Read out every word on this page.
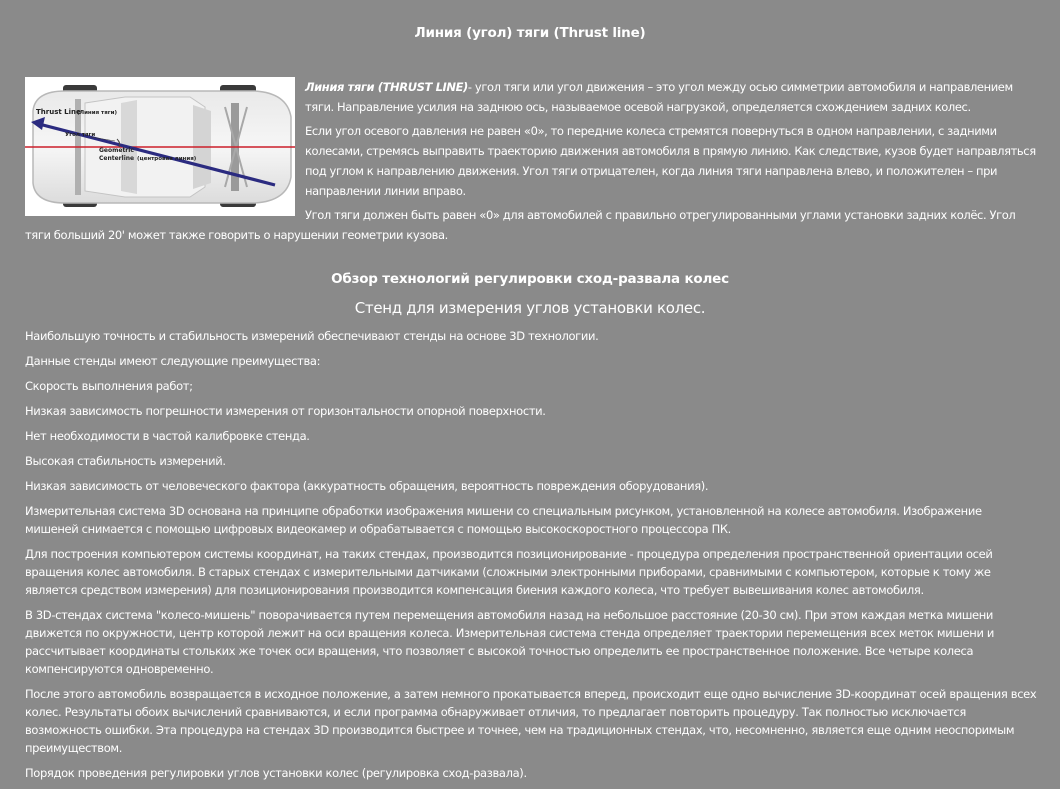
Линия (угол) тяги (Thrust line)
Thrust Line
(Линия тяги)
Угол тяги
Geometric
Centerline (центровая линия)

Линия тяги (THRUST LINE)- угол тяги или угол движения – это угол между осью симметрии автомобиля и направлением тяги. Направление усилия на заднюю ось, называемое осевой нагрузкой, определяется схождением задних колес.

Если угол осевого давления не равен «0», то передние колеса стремятся повернуться в одном направлении, с задними колесами, стремясь выправить траекторию движения автомобиля в прямую линию. Как следствие, кузов будет направляться под углом к направлению движения. Угол тяги отрицателен, когда линия тяги направлена влево, и положителен – при направлении линии вправо.

Угол тяги должен быть равен «0» для автомобилей с правильно отрегулированными углами установки задних колёс. Угол тяги больший 20' может также говорить о нарушении геометрии кузова.

Обзор технологий регулировки сход-развала колес
Стенд для измерения углов установки колес.

Наибольшую точность и стабильность измерений обеспечивают стенды на основе 3D технологии.

Данные стенды имеют следующие преимущества:

Скорость выполнения работ;

Низкая зависимость погрешности измерения от горизонтальности опорной поверхности.

Нет необходимости в частой калибровке стенда.

Высокая стабильность измерений.

Низкая зависимость от человеческого фактора (аккуратность обращения, вероятность повреждения оборудования).

Измерительная система 3D основана на принципе обработки изображения мишени со специальным рисунком, установленной на колесе автомобиля. Изображение мишеней снимается с помощью цифровых видеокамер и обрабатывается с помощью высокоскоростного процессора ПК.

Для построения компьютером системы координат, на таких стендах, производится позиционирование - процедура определения пространственной ориентации осей вращения колес автомобиля. В старых стендах с измерительными датчиками (сложными электронными приборами, сравнимыми с компьютером, которые к тому же является средством измерения) для позиционирования производится компенсация биения каждого колеса, что требует вывешивания колес автомобиля.

В 3D-стендах система "колесо-мишень" поворачивается путем перемещения автомобиля назад на небольшое расстояние (20-30 см). При этом каждая метка мишени движется по окружности, центр которой лежит на оси вращения колеса. Измерительная система стенда определяет траектории перемещения всех меток мишени и рассчитывает координаты стольких же точек оси вращения, что позволяет с высокой точностью определить ее пространственное положение. Все четыре колеса компенсируются одновременно.

После этого автомобиль возвращается в исходное положение, а затем немного прокатывается вперед, происходит еще одно вычисление 3D-координат осей вращения всех колес. Результаты обоих вычислений сравниваются, и если программа обнаруживает отличия, то предлагает повторить процедуру. Так полностью исключается возможность ошибки. Эта процедура на стендах 3D производится быстрее и точнее, чем на традиционных стендах, что, несомненно, является еще одним неоспоримым преимуществом.

Порядок проведения регулировки углов установки колес (регулировка сход-развала).
